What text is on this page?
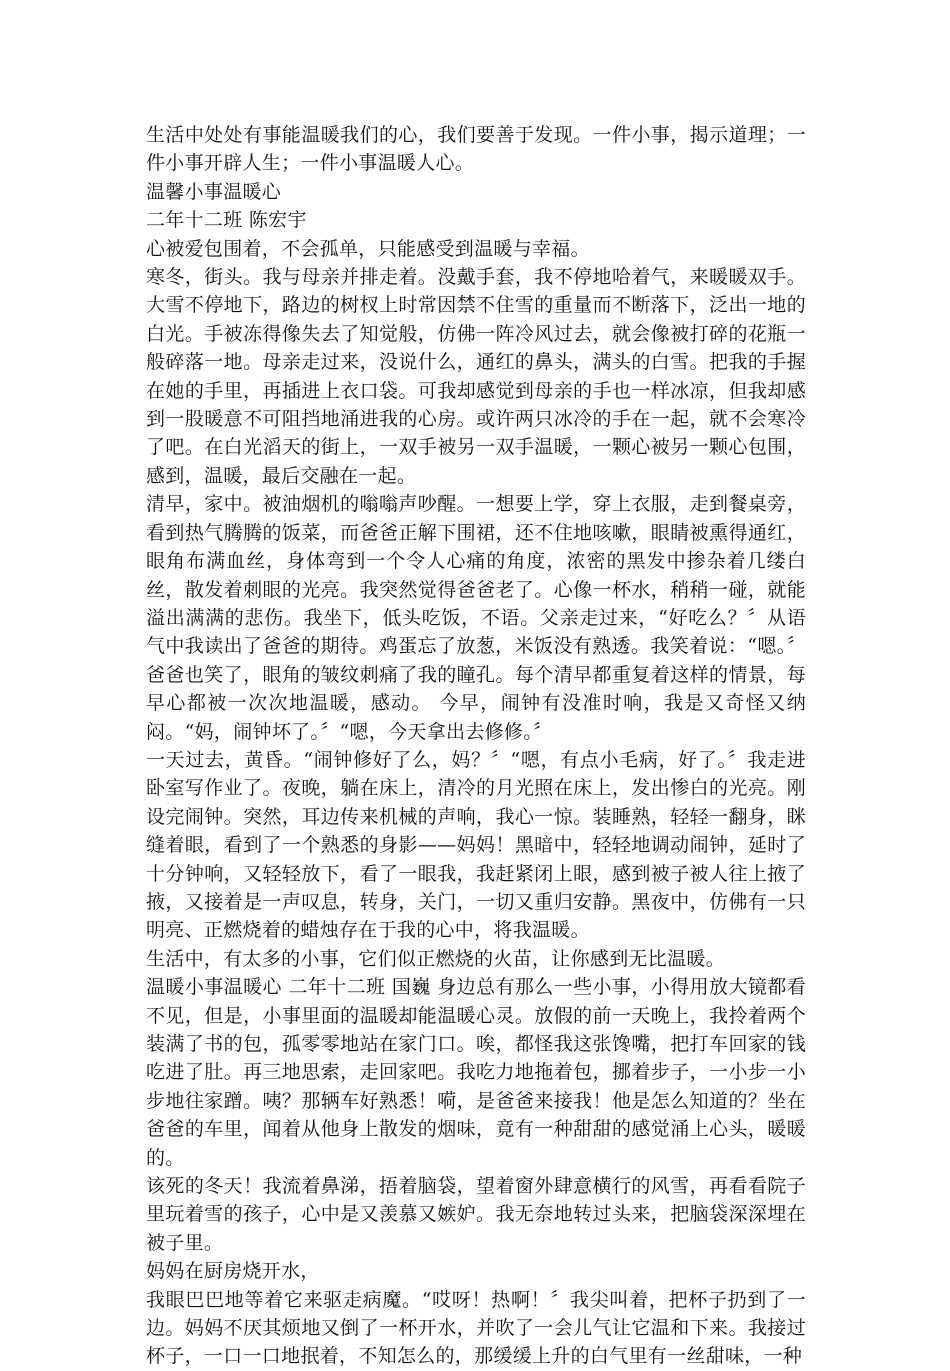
生活中处处有事能温暖我们的心，我们要善于发现。一件小事，揭示道理；一件小事开辟人生；一件小事温暖人心。

温馨小事温暖心

二年十二班 陈宏宇

心被爱包围着，不会孤单，只能感受到温暖与幸福。

寒冬，街头。我与母亲并排走着。没戴手套，我不停地哈着气，来暖暖双手。大雪不停地下，路边的树杈上时常因禁不住雪的重量而不断落下，泛出一地的白光。手被冻得像失去了知觉般，仿佛一阵冷风过去，就会像被打碎的花瓶一般碎落一地。母亲走过来，没说什么，通红的鼻头，满头的白雪。把我的手握在她的手里，再插进上衣口袋。可我却感觉到母亲的手也一样冰凉，但我却感到一股暖意不可阻挡地涌进我的心房。或许两只冰冷的手在一起，就不会寒冷了吧。在白光滔天的街上，一双手被另一双手温暖，一颗心被另一颗心包围，感到，温暖，最后交融在一起。

清早，家中。被油烟机的嗡嗡声吵醒。一想要上学，穿上衣服，走到餐桌旁，看到热气腾腾的饭菜，而爸爸正解下围裙，还不住地咳嗽，眼睛被熏得通红，眼角布满血丝，身体弯到一个令人心痛的角度，浓密的黑发中掺杂着几缕白丝，散发着刺眼的光亮。我突然觉得爸爸老了。心像一杯水，稍稍一碰，就能溢出满满的悲伤。我坐下，低头吃饭，不语。父亲走过来，“好吃么？〞从语气中我读出了爸爸的期待。鸡蛋忘了放葱，米饭没有熟透。我笑着说：“嗯。〞爸爸也笑了，眼角的皱纹刺痛了我的瞳孔。每个清早都重复着这样的情景，每早心都被一次次地温暖，感动。 今早，闹钟有没准时响，我是又奇怪又纳闷。“妈，闹钟坏了。〞“嗯，今天拿出去修修。〞

一天过去，黄昏。“闹钟修好了么，妈？〞“嗯，有点小毛病，好了。〞我走进卧室写作业了。夜晚，躺在床上，清冷的月光照在床上，发出惨白的光亮。刚设完闹钟。突然，耳边传来机械的声响，我心一惊。装睡熟，轻轻一翻身，眯缝着眼，看到了一个熟悉的身影——妈妈！黑暗中，轻轻地调动闹钟，延时了十分钟响，又轻轻放下，看了一眼我，我赶紧闭上眼，感到被子被人往上掖了掖，又接着是一声叹息，转身，关门，一切又重归安静。黑夜中，仿佛有一只明亮、正燃烧着的蜡烛存在于我的心中，将我温暖。

生活中，有太多的小事，它们似正燃烧的火苗，让你感到无比温暖。

温暖小事温暖心 二年十二班 国巍 身边总有那么一些小事，小得用放大镜都看不见，但是，小事里面的温暖却能温暖心灵。放假的前一天晚上，我拎着两个装满了书的包，孤零零地站在家门口。唉，都怪我这张馋嘴，把打车回家的钱吃进了肚。再三地思索，走回家吧。我吃力地拖着包，挪着步子，一小步一小步地往家蹭。咦？那辆车好熟悉！嗬，是爸爸来接我！他是怎么知道的？坐在爸爸的车里，闻着从他身上散发的烟味，竟有一种甜甜的感觉涌上心头，暖暖的。

该死的冬天！我流着鼻涕，捂着脑袋，望着窗外肆意横行的风雪，再看看院子里玩着雪的孩子，心中是又羡慕又嫉妒。我无奈地转过头来，把脑袋深深埋在被子里。

妈妈在厨房烧开水，

我眼巴巴地等着它来驱走病魔。“哎呀！热啊！〞我尖叫着，把杯子扔到了一边。妈妈不厌其烦地又倒了一杯开水，并吹了一会儿气让它温和下来。我接过杯子，一口一口地抿着，不知怎么的，那缓缓上升的白气里有一丝甜味，一种
